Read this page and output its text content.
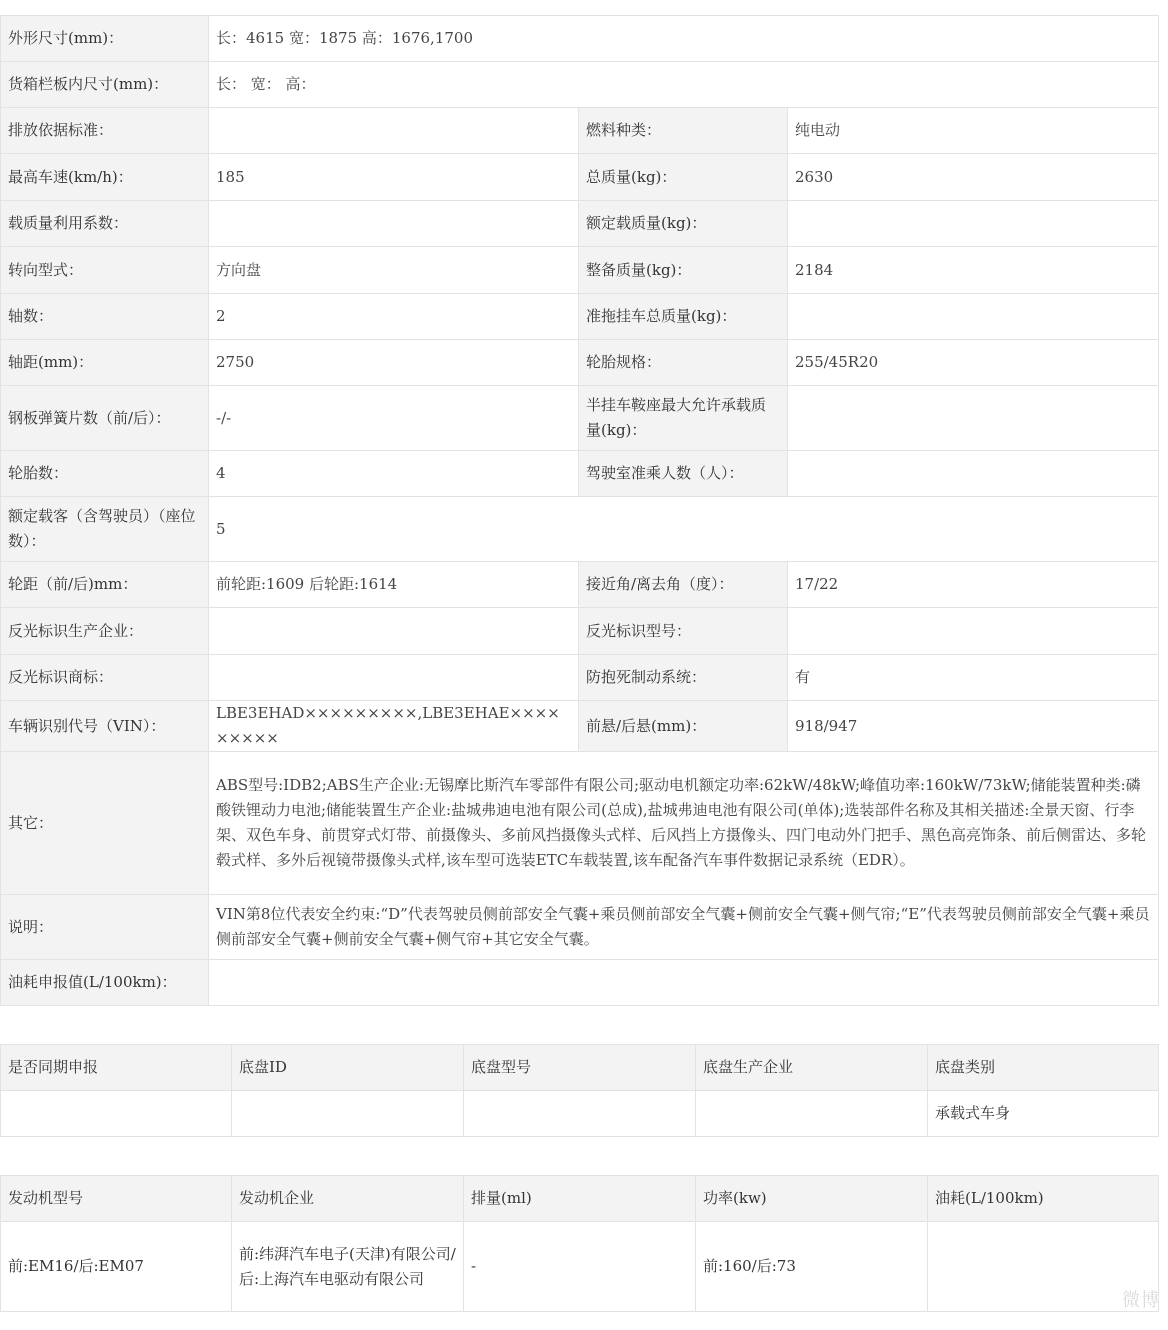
外形尺寸(mm)：	长：4615 宽：1875 高：1676,1700		
货箱栏板内尺寸(mm)：	长： 宽： 高：		
排放依据标准：		燃料种类：	纯电动
最高车速(km/h)：	185	总质量(kg)：	2630
载质量利用系数：		额定载质量(kg)：	
转向型式：	方向盘	整备质量(kg)：	2184
轴数：	2	准拖挂车总质量(kg)：	
轴距(mm)：	2750	轮胎规格：	255/45R20
钢板弹簧片数（前/后）：	-/-	半挂车鞍座最大允许承载质量(kg)：	
轮胎数：	4	驾驶室准乘人数（人）：	
额定载客（含驾驶员）（座位数）：	5		
轮距（前/后)mm：	前轮距:1609 后轮距:1614	接近角/离去角（度）：	17/22
反光标识生产企业：		反光标识型号：	
反光标识商标：		防抱死制动系统：	有
车辆识别代号（VIN）：	LBE3EHAD×××××××××,LBE3EHAE×××××××××	前悬/后悬(mm)：	918/947
其它：	ABS型号:IDB2;ABS生产企业:无锡摩比斯汽车零部件有限公司;驱动电机额定功率:62kW/48kW;峰值功率:160kW/73kW;储能装置种类:磷酸铁锂动力电池;储能装置生产企业:盐城弗迪电池有限公司(总成),盐城弗迪电池有限公司(单体);选装部件名称及其相关描述:全景天窗、行李架、双色车身、前贯穿式灯带、前摄像头、多前风挡摄像头式样、后风挡上方摄像头、四门电动外门把手、黑色高亮饰条、前后侧雷达、多轮毂式样、多外后视镜带摄像头式样,该车型可选装ETC车载装置,该车配备汽车事件数据记录系统（EDR）。		
说明：	VIN第8位代表安全约束:“D”代表驾驶员侧前部安全气囊+乘员侧前部安全气囊+侧前安全气囊+侧气帘;“E”代表驾驶员侧前部安全气囊+乘员侧前部安全气囊+侧前安全气囊+侧气帘+其它安全气囊。		
油耗申报值(L/100km)：			
是否同期申报	底盘ID	底盘型号	底盘生产企业	底盘类别
				承载式车身
发动机型号	发动机企业	排量(ml)	功率(kw)	油耗(L/100km)
前:EM16/后:EM07	前:纬湃汽车电子(天津)有限公司/后:上海汽车电驱动有限公司	-	前:160/后:73	
微博
